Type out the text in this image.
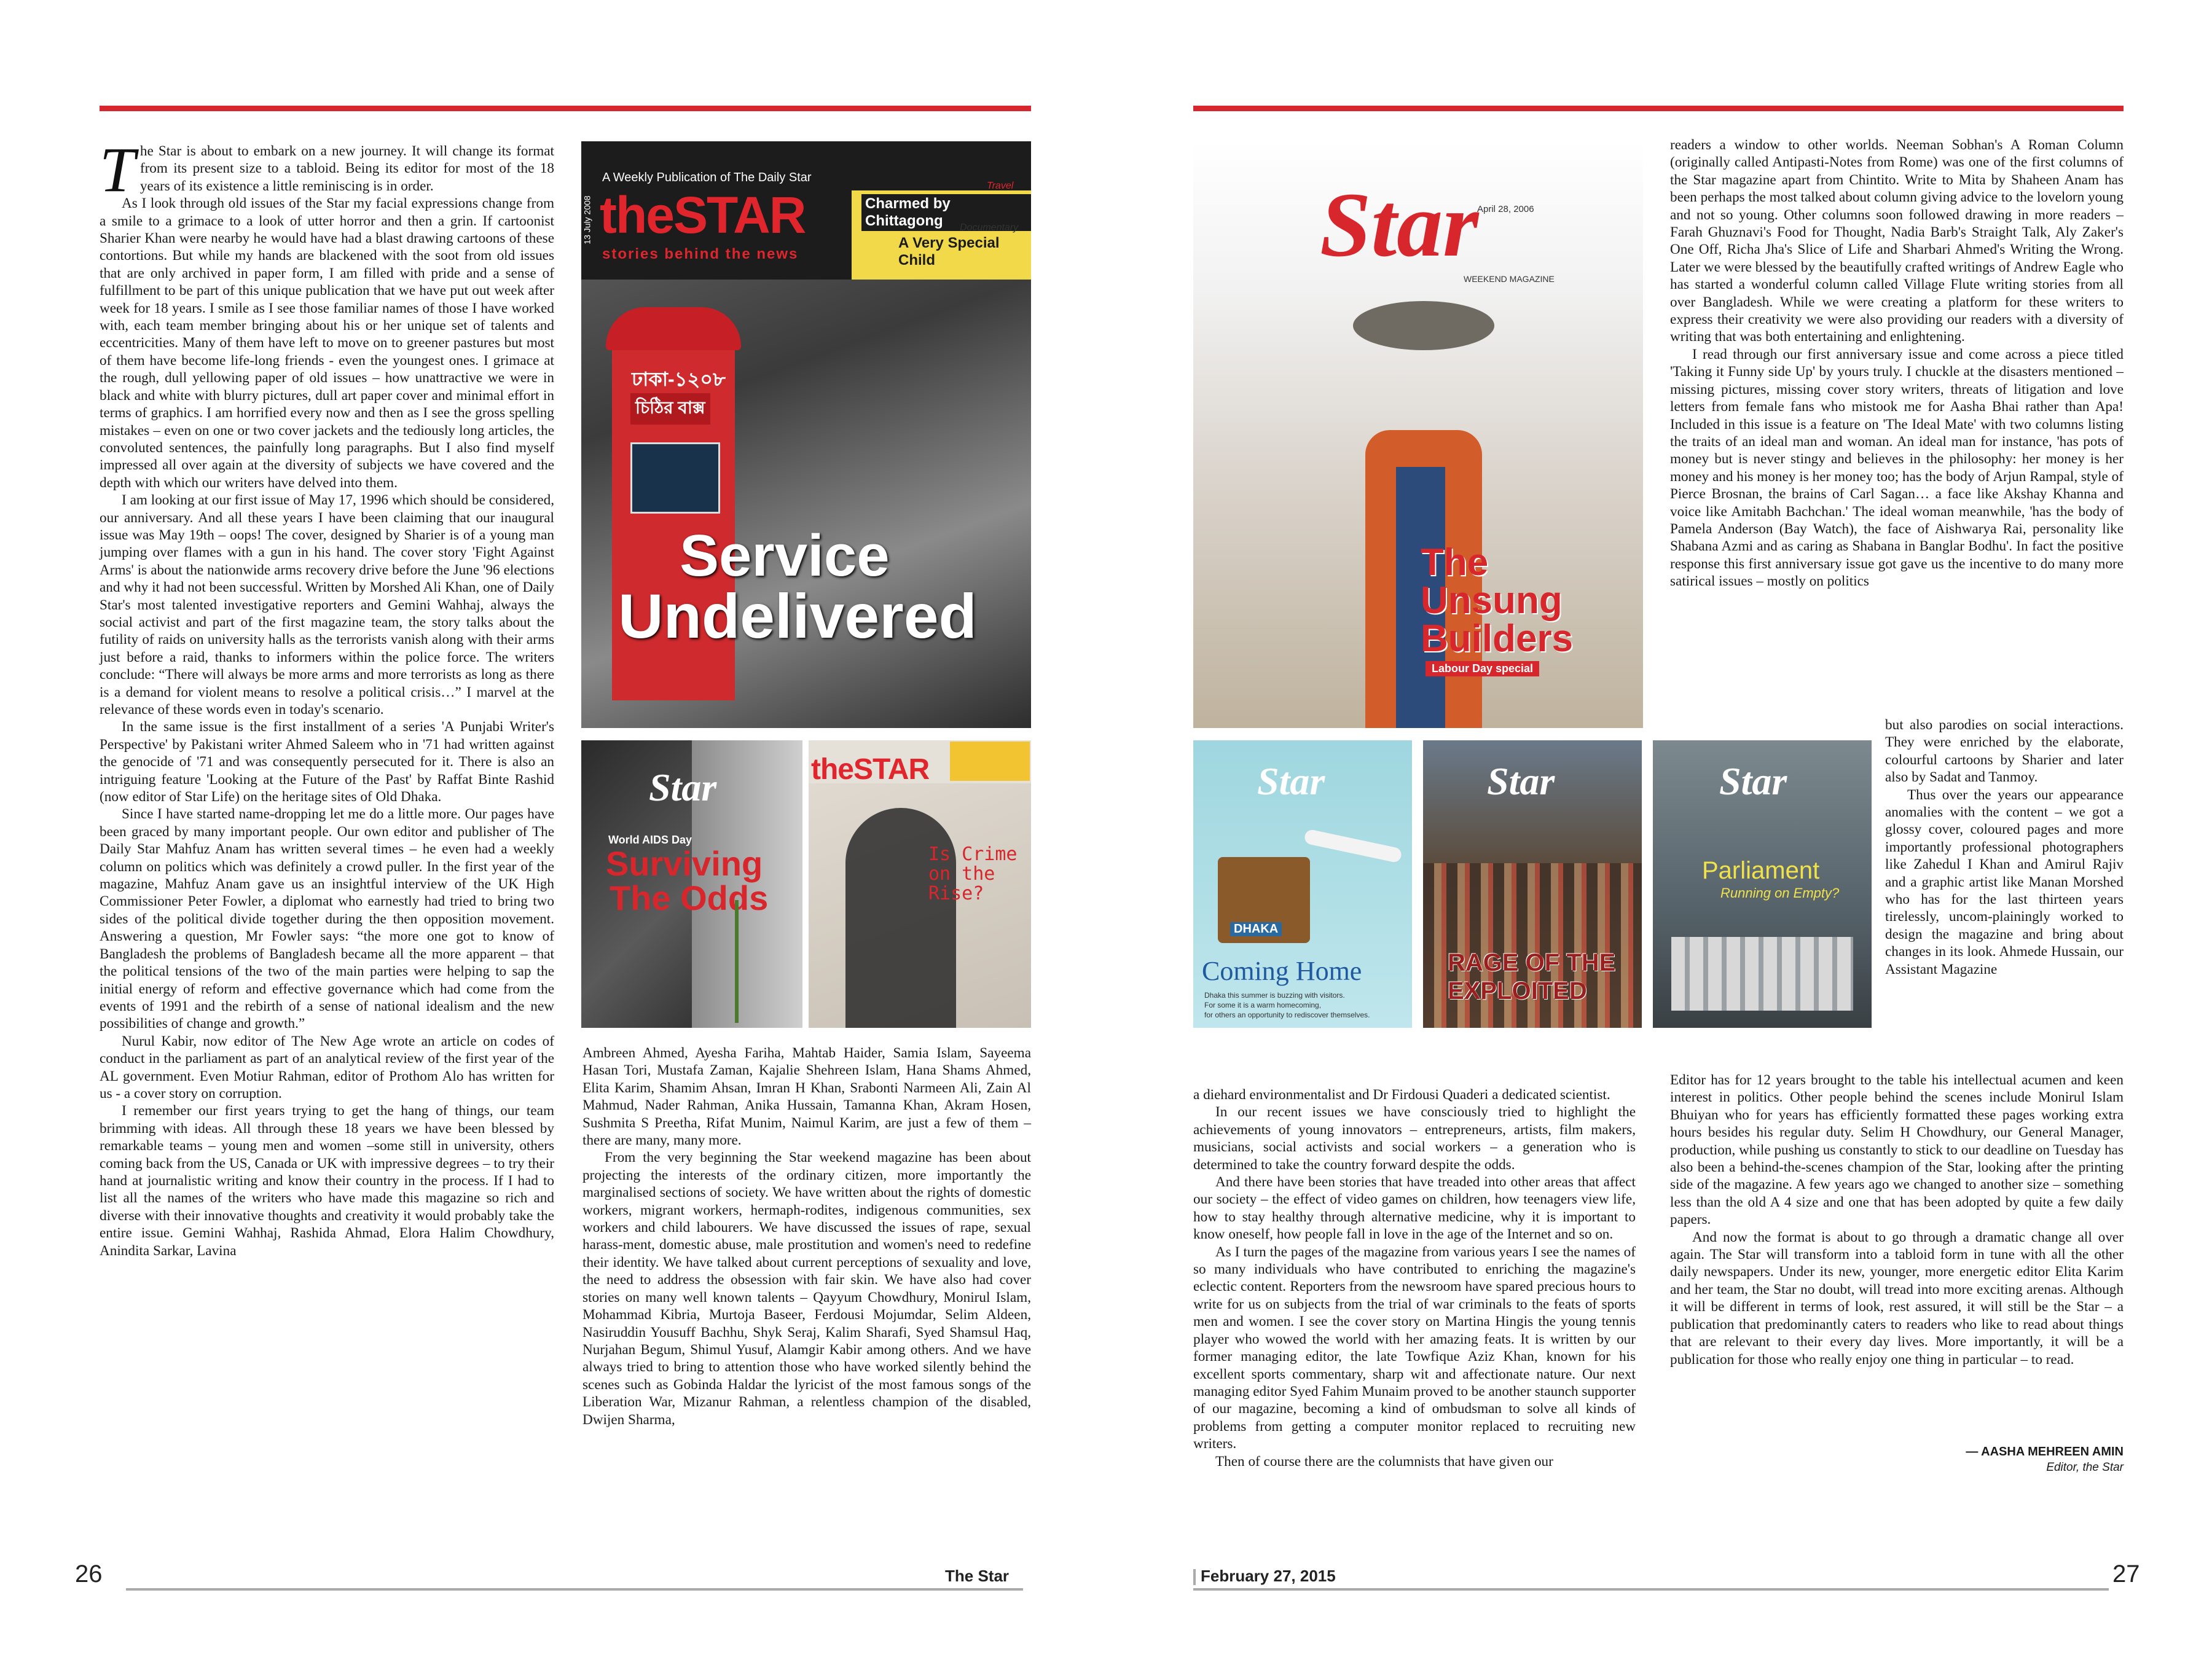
The Star is about to embark on a new journey. It will change its format from its present size to a tabloid. Being its editor for most of the 18 years of its existence a little reminiscing is in order.

As I look through old issues of the Star my facial expressions change from a smile to a grimace to a look of utter horror and then a grin. If cartoonist Sharier Khan were nearby he would have had a blast drawing cartoons of these contortions. But while my hands are blackened with the soot from old issues that are only archived in paper form, I am filled with pride and a sense of fulfillment to be part of this unique publication that we have put out week after week for 18 years. I smile as I see those familiar names of those I have worked with, each team member bringing about his or her unique set of talents and eccentricities. Many of them have left to move on to greener pastures but most of them have become life-long friends - even the youngest ones. I grimace at the rough, dull yellowing paper of old issues – how unattractive we were in black and white with blurry pictures, dull art paper cover and minimal effort in terms of graphics. I am horrified every now and then as I see the gross spelling mistakes – even on one or two cover jackets and the tediously long articles, the convoluted sentences, the painfully long paragraphs. But I also find myself impressed all over again at the diversity of subjects we have covered and the depth with which our writers have delved into them.

I am looking at our first issue of May 17, 1996 which should be considered, our anniversary. And all these years I have been claiming that our inaugural issue was May 19th – oops! The cover, designed by Sharier is of a young man jumping over flames with a gun in his hand. The cover story 'Fight Against Arms' is about the nationwide arms recovery drive before the June '96 elections and why it had not been successful. Written by Morshed Ali Khan, one of Daily Star's most talented investigative reporters and Gemini Wahhaj, always the social activist and part of the first magazine team, the story talks about the futility of raids on university halls as the terrorists vanish along with their arms just before a raid, thanks to informers within the police force. The writers conclude: “There will always be more arms and more terrorists as long as there is a demand for violent means to resolve a political crisis…” I marvel at the relevance of these words even in today's scenario.

In the same issue is the first installment of a series 'A Punjabi Writer's Perspective' by Pakistani writer Ahmed Saleem who in '71 had written against the genocide of '71 and was consequently persecuted for it. There is also an intriguing feature 'Looking at the Future of the Past' by Raffat Binte Rashid (now editor of Star Life) on the heritage sites of Old Dhaka.

Since I have started name-dropping let me do a little more. Our pages have been graced by many important people. Our own editor and publisher of The Daily Star Mahfuz Anam has written several times – he even had a weekly column on politics which was definitely a crowd puller. In the first year of the magazine, Mahfuz Anam gave us an insightful interview of the UK High Commissioner Peter Fowler, a diplomat who earnestly had tried to bring two sides of the political divide together during the then opposition movement. Answering a question, Mr Fowler says: “the more one got to know of Bangladesh the problems of Bangladesh became all the more apparent – that the political tensions of the two of the main parties were helping to sap the initial energy of reform and effective governance which had come from the events of 1991 and the rebirth of a sense of national idealism and the new possibilities of change and growth.”

Nurul Kabir, now editor of The New Age wrote an article on codes of conduct in the parliament as part of an analytical review of the first year of the AL government. Even Motiur Rahman, editor of Prothom Alo has written for us - a cover story on corruption.

I remember our first years trying to get the hang of things, our team brimming with ideas. All through these 18 years we have been blessed by remarkable teams – young men and women –some still in university, others coming back from the US, Canada or UK with impressive degrees – to try their hand at journalistic writing and know their country in the process. If I had to list all the names of the writers who have made this magazine so rich and diverse with their innovative thoughts and creativity it would probably take the entire issue. Gemini Wahhaj, Rashida Ahmad, Elora Halim Chowdhury, Anindita Sarkar, Lavina

Ambreen Ahmed, Ayesha Fariha, Mahtab Haider, Samia Islam, Sayeema Hasan Tori, Mustafa Zaman, Kajalie Shehreen Islam, Hana Shams Ahmed, Elita Karim, Shamim Ahsan, Imran H Khan, Srabonti Narmeen Ali, Zain Al Mahmud, Nader Rahman, Anika Hussain, Tamanna Khan, Akram Hosen, Sushmita S Preetha, Rifat Munim, Naimul Karim, are just a few of them – there are many, many more.

From the very beginning the Star weekend magazine has been about projecting the interests of the ordinary citizen, more importantly the marginalised sections of society. We have written about the rights of domestic workers, migrant workers, hermaph-rodites, indigenous communities, sex workers and child labourers. We have discussed the issues of rape, sexual harass-ment, domestic abuse, male prostitution and women's need to redefine their identity. We have talked about current perceptions of sexuality and love, the need to address the obsession with fair skin. We have also had cover stories on many well known talents – Qayyum Chowdhury, Monirul Islam, Mohammad Kibria, Murtoja Baseer, Ferdousi Mojumdar, Selim Aldeen, Nasiruddin Yousuff Bachhu, Shyk Seraj, Kalim Sharafi, Syed Shamsul Haq, Nurjahan Begum, Shimul Yusuf, Alamgir Kabir among others. And we have always tried to bring to attention those who have worked silently behind the scenes such as Gobinda Haldar the lyricist of the most famous songs of the Liberation War, Mizanur Rahman, a relentless champion of the disabled, Dwijen Sharma,

A Weekly Publication of The Daily Star
theSTAR
stories behind the news
13 July 2008
Travel
Charmed by Chittagong	Documentary
A Very Special Child
ঢাকা-১২০৮
চিঠির বাক্স
Service
Undelivered
Star
World AIDS Day
Surviving
The Odds
theSTAR
Is Crime on the Rise?
26	The Star
Star
WEEKEND MAGAZINE
April 28, 2006
The
Unsung
Builders
Labour Day special
Star
DHAKA
Coming Home
Dhaka this summer is buzzing with visitors.
For some it is a warm homecoming,
for others an opportunity to rediscover themselves.
Star
RAGE OF THE
EXPLOITED
Star
Parliament
Running on Empty?

a diehard environmentalist and Dr Firdousi Quaderi a dedicated scientist.

In our recent issues we have consciously tried to highlight the achievements of young innovators – entrepreneurs, artists, film makers, musicians, social activists and social workers – a generation who is determined to take the country forward despite the odds.

And there have been stories that have treaded into other areas that affect our society – the effect of video games on children, how teenagers view life, how to stay healthy through alternative medicine, why it is important to know oneself, how people fall in love in the age of the Internet and so on.

As I turn the pages of the magazine from various years I see the names of so many individuals who have contributed to enriching the magazine's eclectic content. Reporters from the newsroom have spared precious hours to write for us on subjects from the trial of war criminals to the feats of sports men and women. I see the cover story on Martina Hingis the young tennis player who wowed the world with her amazing feats. It is written by our former managing editor, the late Towfique Aziz Khan, known for his excellent sports commentary, sharp wit and affectionate nature. Our next managing editor Syed Fahim Munaim proved to be another staunch supporter of our magazine, becoming a kind of ombudsman to solve all kinds of problems from getting a computer monitor replaced to recruiting new writers.

Then of course there are the columnists that have given our

readers a window to other worlds. Neeman Sobhan's A Roman Column (originally called Antipasti-Notes from Rome) was one of the first columns of the Star magazine apart from Chintito. Write to Mita by Shaheen Anam has been perhaps the most talked about column giving advice to the lovelorn young and not so young. Other columns soon followed drawing in more readers – Farah Ghuznavi's Food for Thought, Nadia Barb's Straight Talk, Aly Zaker's One Off, Richa Jha's Slice of Life and Sharbari Ahmed's Writing the Wrong. Later we were blessed by the beautifully crafted writings of Andrew Eagle who has started a wonderful column called Village Flute writing stories from all over Bangladesh. While we were creating a platform for these writers to express their creativity we were also providing our readers with a diversity of writing that was both entertaining and enlightening.

I read through our first anniversary issue and come across a piece titled 'Taking it Funny side Up' by yours truly. I chuckle at the disasters mentioned – missing pictures, missing cover story writers, threats of litigation and love letters from female fans who mistook me for Aasha Bhai rather than Apa! Included in this issue is a feature on 'The Ideal Mate' with two columns listing the traits of an ideal man and woman. An ideal man for instance, 'has pots of money but is never stingy and believes in the philosophy: her money is her money and his money is her money too; has the body of Arjun Rampal, style of Pierce Brosnan, the brains of Carl Sagan… a face like Akshay Khanna and voice like Amitabh Bachchan.' The ideal woman meanwhile, 'has the body of Pamela Anderson (Bay Watch), the face of Aishwarya Rai, personality like Shabana Azmi and as caring as Shabana in Banglar Bodhu'. In fact the positive response this first anniversary issue got gave us the incentive to do many more satirical issues – mostly on politics

but also parodies on social interactions. They were enriched by the elaborate, colourful cartoons by Sharier and later also by Sadat and Tanmoy.

Thus over the years our appearance anomalies with the content – we got a glossy cover, coloured pages and more importantly professional photographers like Zahedul I Khan and Amirul Rajiv and a graphic artist like Manan Morshed who has for the last thirteen years tirelessly, uncom-plainingly worked to design the magazine and bring about changes in its look. Ahmede Hussain, our Assistant Magazine

Editor has for 12 years brought to the table his intellectual acumen and keen interest in politics. Other people behind the scenes include Monirul Islam Bhuiyan who for years has efficiently formatted these pages working extra hours besides his regular duty. Selim H Chowdhury, our General Manager, production, while pushing us constantly to stick to our deadline on Tuesday has also been a behind-the-scenes champion of the Star, looking after the printing side of the magazine. A few years ago we changed to another size – something less than the old A 4 size and one that has been adopted by quite a few daily papers.

And now the format is about to go through a dramatic change all over again. The Star will transform into a tabloid form in tune with all the other daily newspapers. Under its new, younger, more energetic editor Elita Karim and her team, the Star no doubt, will tread into more exciting arenas. Although it will be different in terms of look, rest assured, it will still be the Star – a publication that predominantly caters to readers who like to read about things that are relevant to their every day lives. More importantly, it will be a publication for those who really enjoy one thing in particular – to read.

— AASHA MEHREEN AMIN
Editor, the Star
February 27, 2015	27
